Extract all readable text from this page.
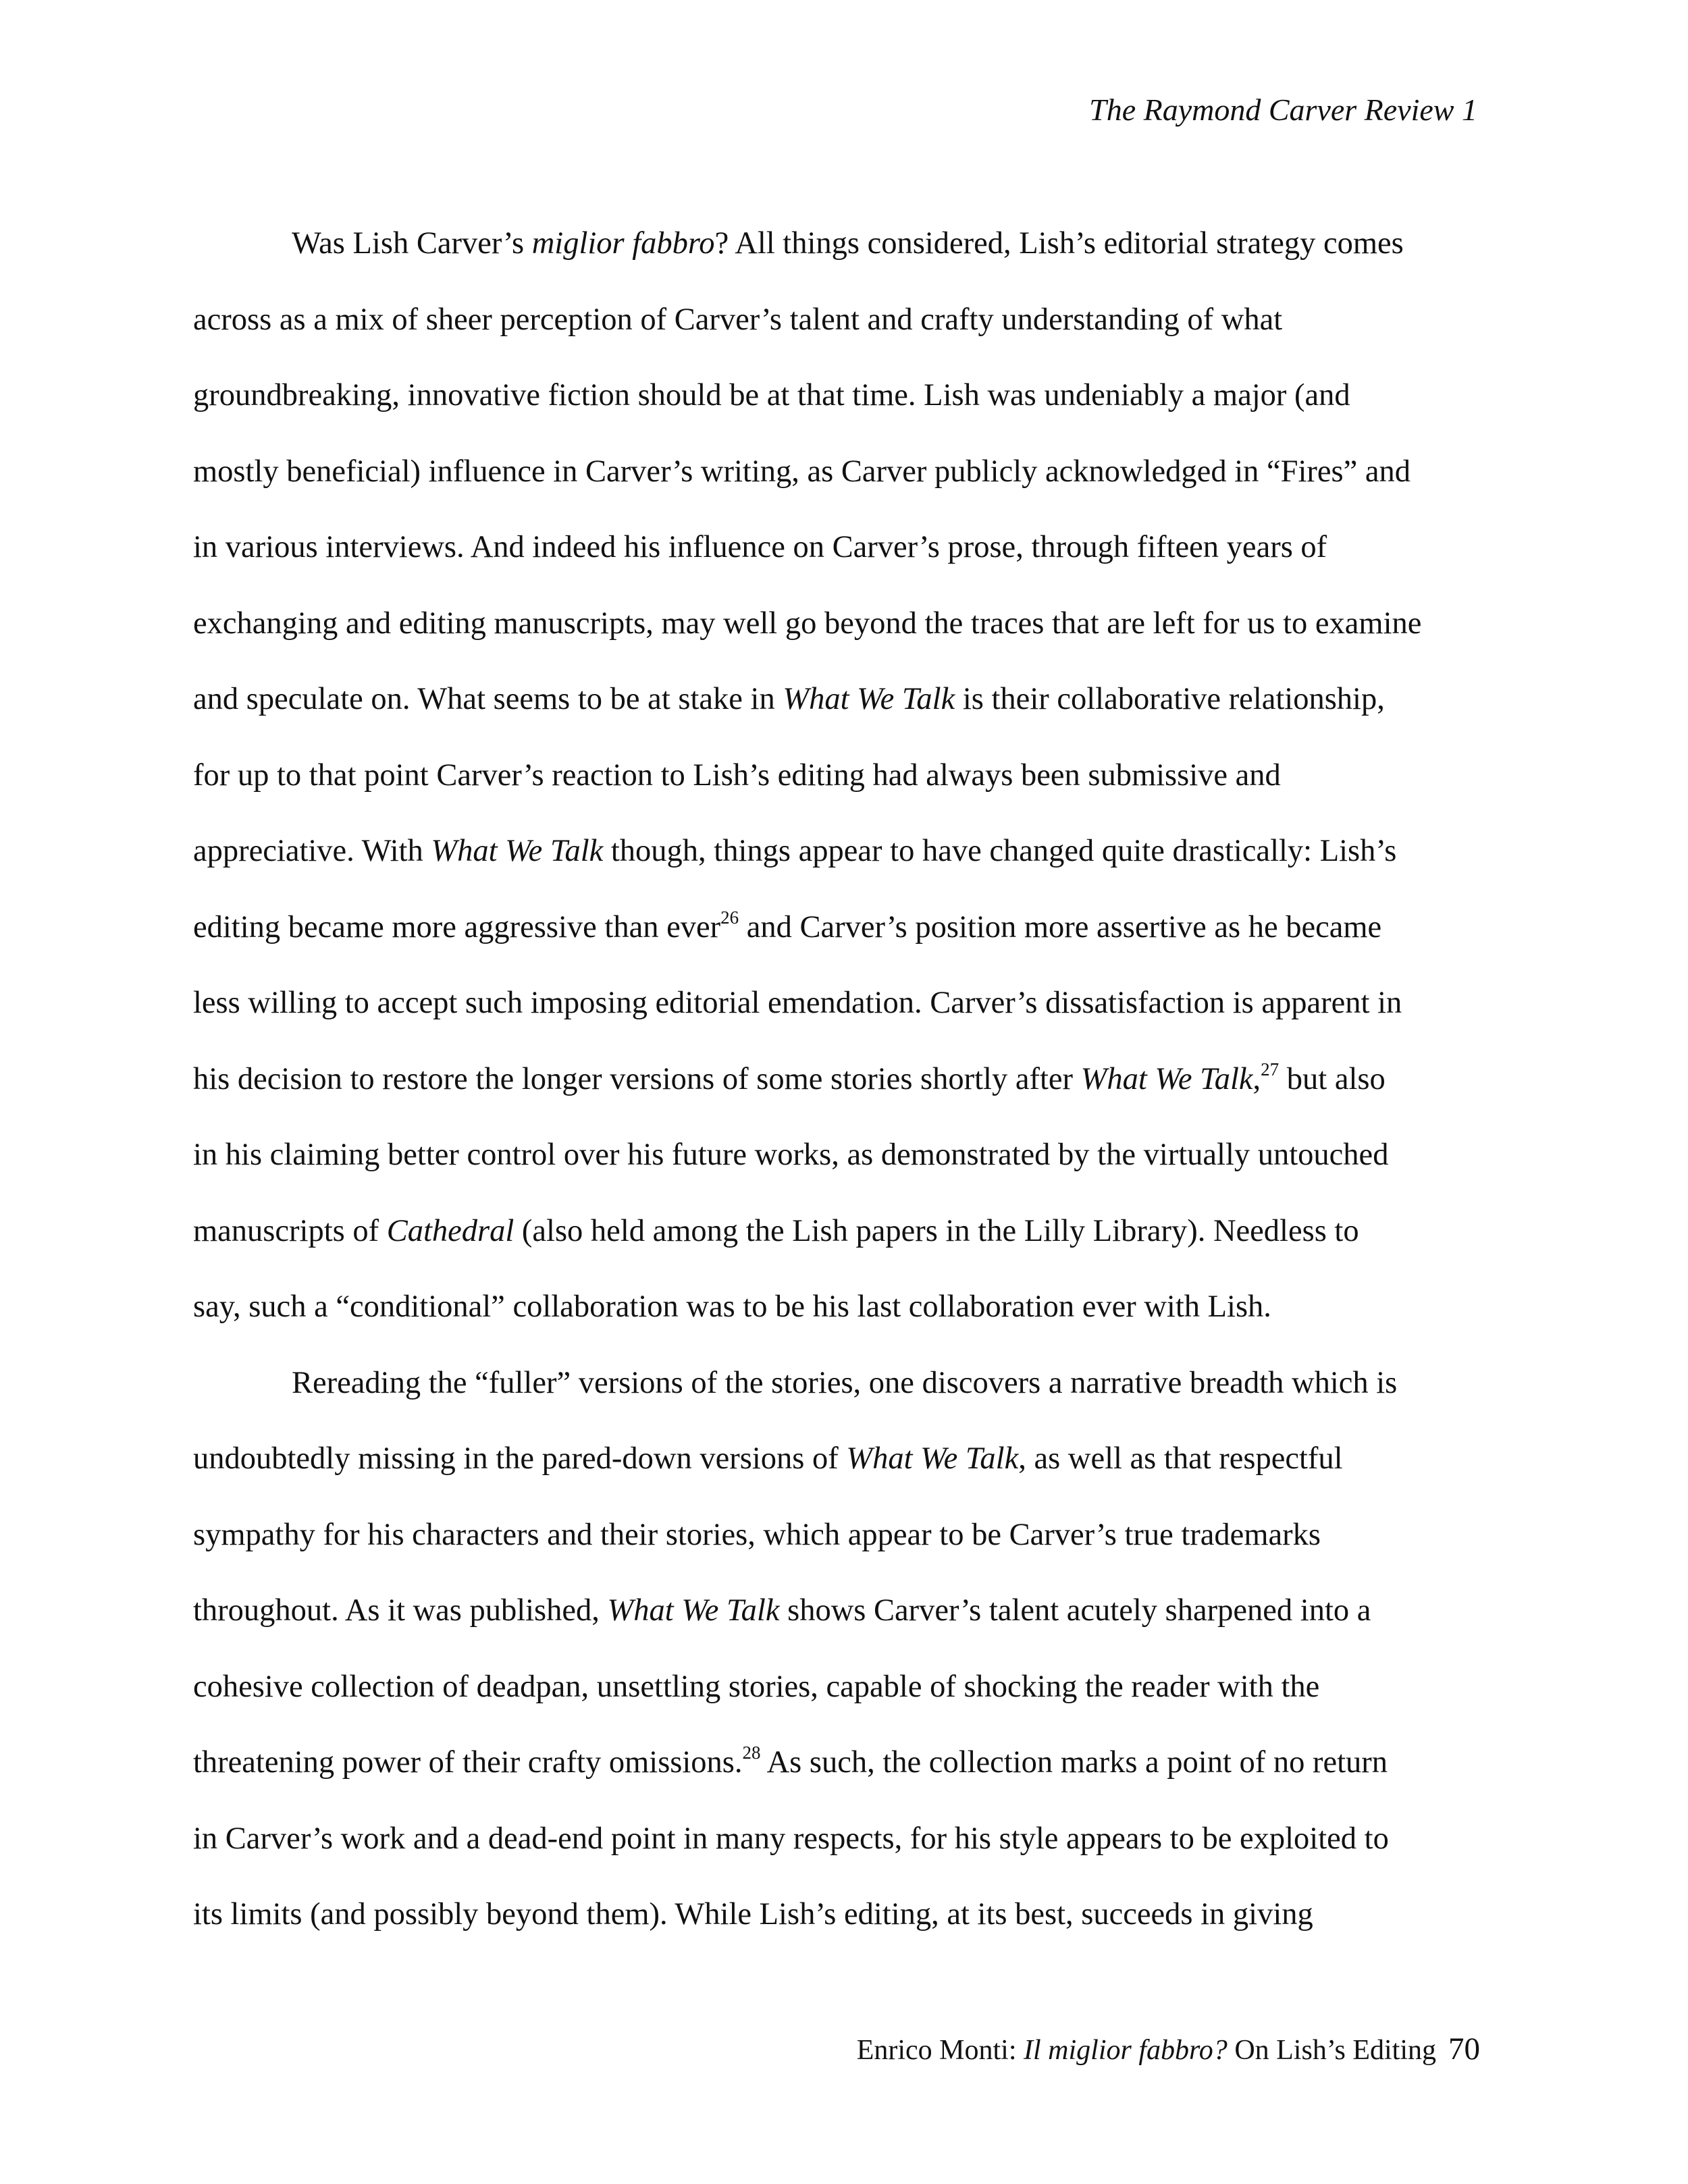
The Raymond Carver Review 1
Was Lish Carver’s miglior fabbro? All things considered, Lish’s editorial strategy comes
across as a mix of sheer perception of Carver’s talent and crafty understanding of what
groundbreaking, innovative fiction should be at that time. Lish was undeniably a major (and
mostly beneficial) influence in Carver’s writing, as Carver publicly acknowledged in “Fires” and
in various interviews. And indeed his influence on Carver’s prose, through fifteen years of
exchanging and editing manuscripts, may well go beyond the traces that are left for us to examine
and speculate on. What seems to be at stake in What We Talk is their collaborative relationship,
for up to that point Carver’s reaction to Lish’s editing had always been submissive and
appreciative. With What We Talk though, things appear to have changed quite drastically: Lish’s
editing became more aggressive than ever$^{26}$ and Carver’s position more assertive as he became
less willing to accept such imposing editorial emendation. Carver’s dissatisfaction is apparent in
his decision to restore the longer versions of some stories shortly after What We Talk,$^{27}$ but also
in his claiming better control over his future works, as demonstrated by the virtually untouched
manuscripts of Cathedral (also held among the Lish papers in the Lilly Library). Needless to
say, such a “conditional” collaboration was to be his last collaboration ever with Lish.
Rereading the “fuller” versions of the stories, one discovers a narrative breadth which is
undoubtedly missing in the pared-down versions of What We Talk, as well as that respectful
sympathy for his characters and their stories, which appear to be Carver’s true trademarks
throughout. As it was published, What We Talk shows Carver’s talent acutely sharpened into a
cohesive collection of deadpan, unsettling stories, capable of shocking the reader with the
threatening power of their crafty omissions.$^{28}$ As such, the collection marks a point of no return
in Carver’s work and a dead-end point in many respects, for his style appears to be exploited to
its limits (and possibly beyond them). While Lish’s editing, at its best, succeeds in giving
Enrico Monti: Il miglior fabbro? On Lish’s Editing 70
